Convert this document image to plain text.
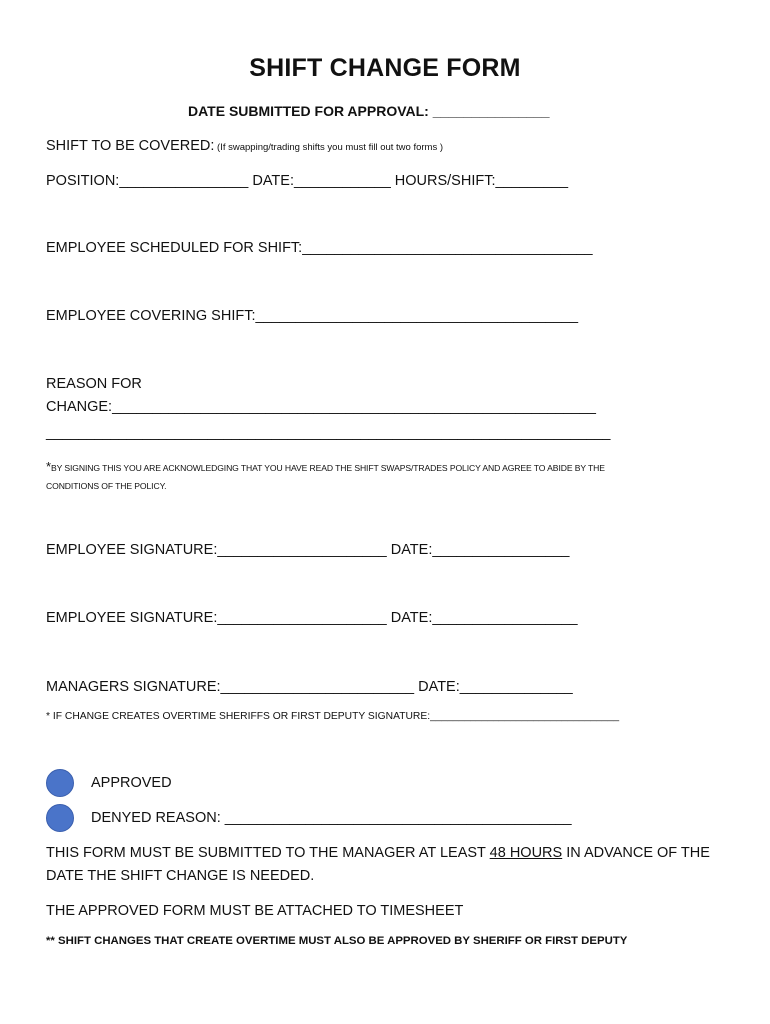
SHIFT CHANGE FORM
DATE SUBMITTED FOR APPROVAL: _______________
SHIFT TO BE COVERED: (If swapping/trading shifts you must fill out two forms )
POSITION:________________ DATE:____________ HOURS/SHIFT:_________
EMPLOYEE SCHEDULED FOR SHIFT:____________________________________
EMPLOYEE COVERING SHIFT:________________________________________
REASON FOR
CHANGE:____________________________________________________________
______________________________________________________________________
*BY SIGNING THIS YOU ARE ACKNOWLEDGING THAT YOU HAVE READ THE SHIFT SWAPS/TRADES POLICY AND AGREE TO ABIDE BY THE
CONDITIONS OF THE POLICY.
EMPLOYEE SIGNATURE:_____________________ DATE:_________________
EMPLOYEE SIGNATURE:_____________________ DATE:__________________
MANAGERS SIGNATURE:________________________ DATE:______________
* IF CHANGE CREATES OVERTIME SHERIFFS OR FIRST DEPUTY SIGNATURE:_________________________________
APPROVED
DENYED REASON: ___________________________________________
THIS FORM MUST BE SUBMITTED TO THE MANAGER AT LEAST 48 HOURS IN ADVANCE OF THE
DATE THE SHIFT CHANGE IS NEEDED.
THE APPROVED FORM MUST BE ATTACHED TO TIMESHEET
** SHIFT CHANGES THAT CREATE OVERTIME MUST ALSO BE APPROVED BY SHERIFF OR FIRST DEPUTY
